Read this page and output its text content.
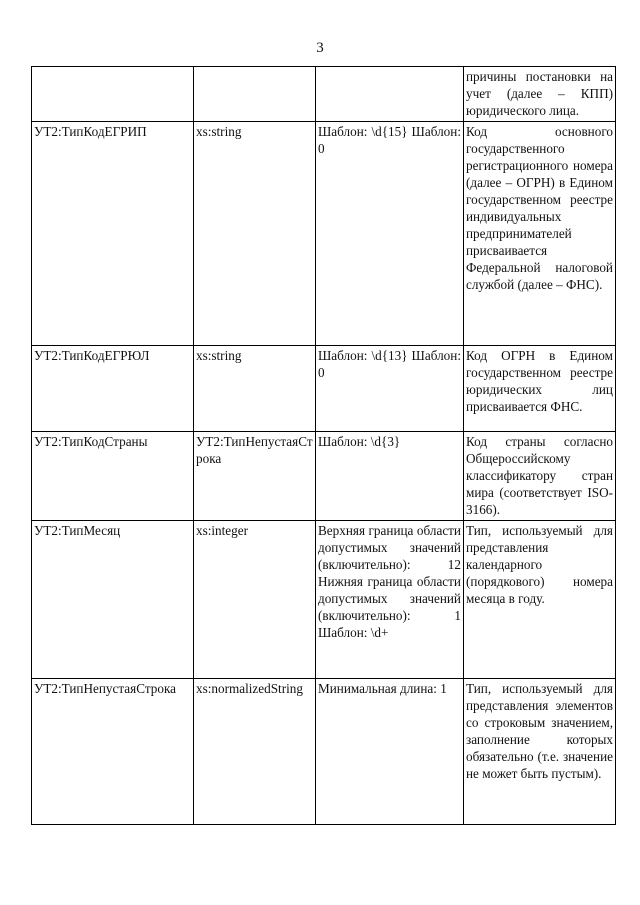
3
			причины постановки на учет (далее – КПП) юридического лица.
УТ2:ТипКодЕГРИП	xs:string	Шаблон: \d{15} Шаблон: 0	Код основного государственного регистрационного номера (далее – ОГРН) в Едином государственном реестре индивидуальных предпринимателей присваивается Федеральной налоговой службой (далее – ФНС).
УТ2:ТипКодЕГРЮЛ	xs:string	Шаблон: \d{13} Шаблон: 0	Код ОГРН в Едином государственном реестре юридических лиц присваивается ФНС.
УТ2:ТипКодСтраны	УТ2:ТипНепустаяСтрока	Шаблон: \d{3}	Код страны согласно Общероссийскому классификатору стран мира (соответствует ISO-3166).
УТ2:ТипМесяц	xs:integer	Верхняя граница области допустимых значений (включительно): 12 Нижняя граница области допустимых значений (включительно): 1 Шаблон: \d+	Тип, используемый для представления календарного (порядкового) номера месяца в году.
УТ2:ТипНепустаяСтрока	xs:normalizedString	Минимальная длина: 1	Тип, используемый для представления элементов со строковым значением, заполнение которых обязательно (т.е. значение не может быть пустым).
